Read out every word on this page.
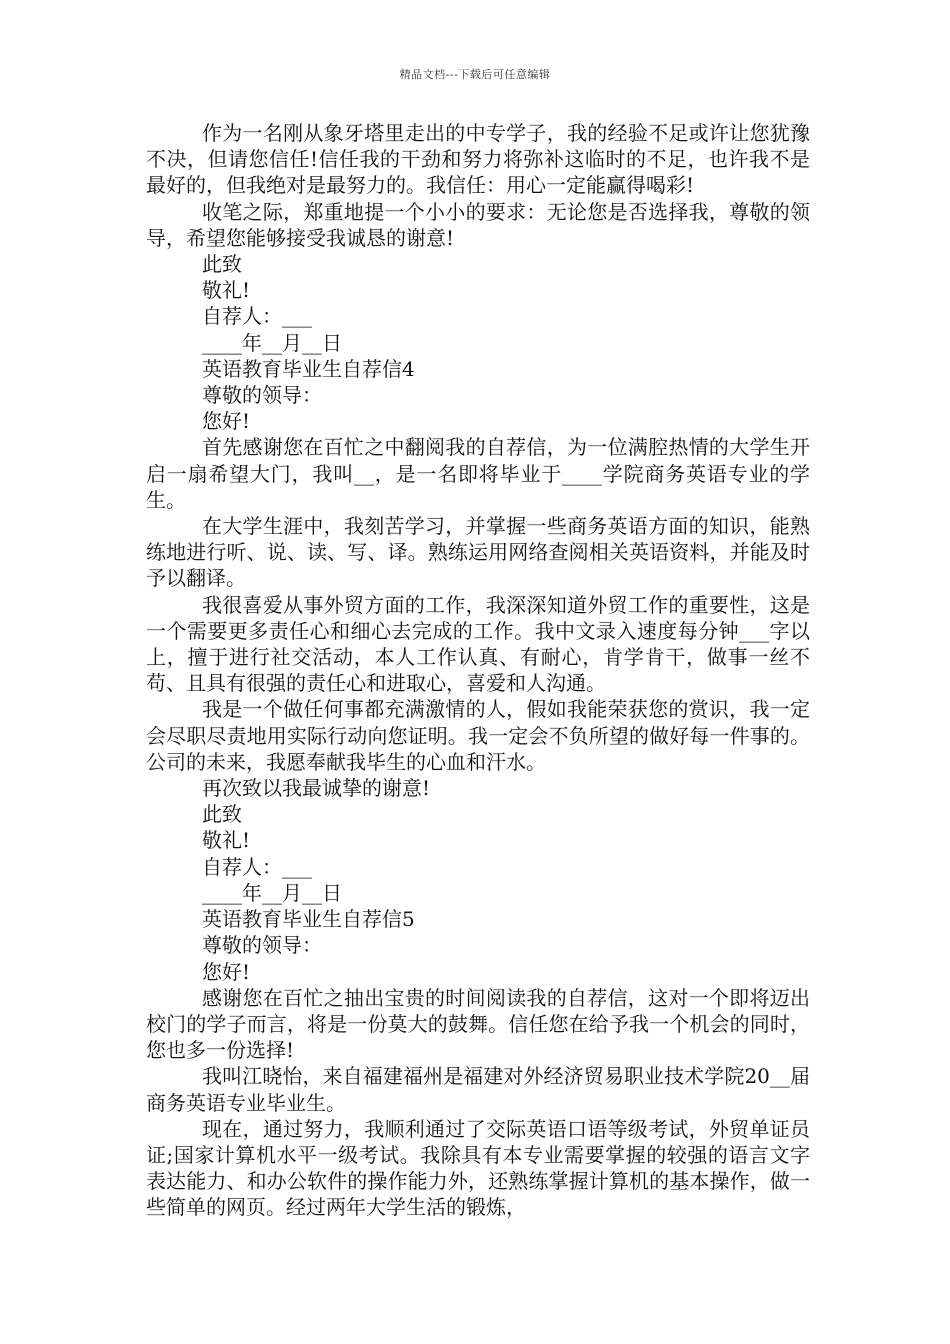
精品文档---下载后可任意编辑

作为一名刚从象牙塔里走出的中专学子，我的经验不足或许让您犹豫不决，但请您信任!信任我的干劲和努力将弥补这临时的不足，也许我不是最好的，但我绝对是最努力的。我信任：用心一定能赢得喝彩!

收笔之际，郑重地提一个小小的要求：无论您是否选择我，尊敬的领导，希望您能够接受我诚恳的谢意!

此致

敬礼!

自荐人：___

____年__月__日

英语教育毕业生自荐信4

尊敬的领导：

您好!

首先感谢您在百忙之中翻阅我的自荐信，为一位满腔热情的大学生开启一扇希望大门，我叫__，是一名即将毕业于____学院商务英语专业的学生。

在大学生涯中，我刻苦学习，并掌握一些商务英语方面的知识，能熟练地进行听、说、读、写、译。熟练运用网络查阅相关英语资料，并能及时予以翻译。

我很喜爱从事外贸方面的工作，我深深知道外贸工作的重要性，这是一个需要更多责任心和细心去完成的工作。我中文录入速度每分钟___字以上，擅于进行社交活动，本人工作认真、有耐心，肯学肯干，做事一丝不苟、且具有很强的责任心和进取心，喜爱和人沟通。

我是一个做任何事都充满激情的人，假如我能荣获您的赏识，我一定会尽职尽责地用实际行动向您证明。我一定会不负所望的做好每一件事的。公司的未来，我愿奉献我毕生的心血和汗水。

再次致以我最诚挚的谢意!

此致

敬礼!

自荐人：___

____年__月__日

英语教育毕业生自荐信5

尊敬的领导：

您好!

感谢您在百忙之抽出宝贵的时间阅读我的自荐信，这对一个即将迈出校门的学子而言，将是一份莫大的鼓舞。信任您在给予我一个机会的同时，您也多一份选择!

我叫江晓怡，来自福建福州是福建对外经济贸易职业技术学院20__届商务英语专业毕业生。

现在，通过努力，我顺利通过了交际英语口语等级考试，外贸单证员证;国家计算机水平一级考试。我除具有本专业需要掌握的较强的语言文字表达能力、和办公软件的操作能力外，还熟练掌握计算机的基本操作，做一些简单的网页。经过两年大学生活的锻炼，
